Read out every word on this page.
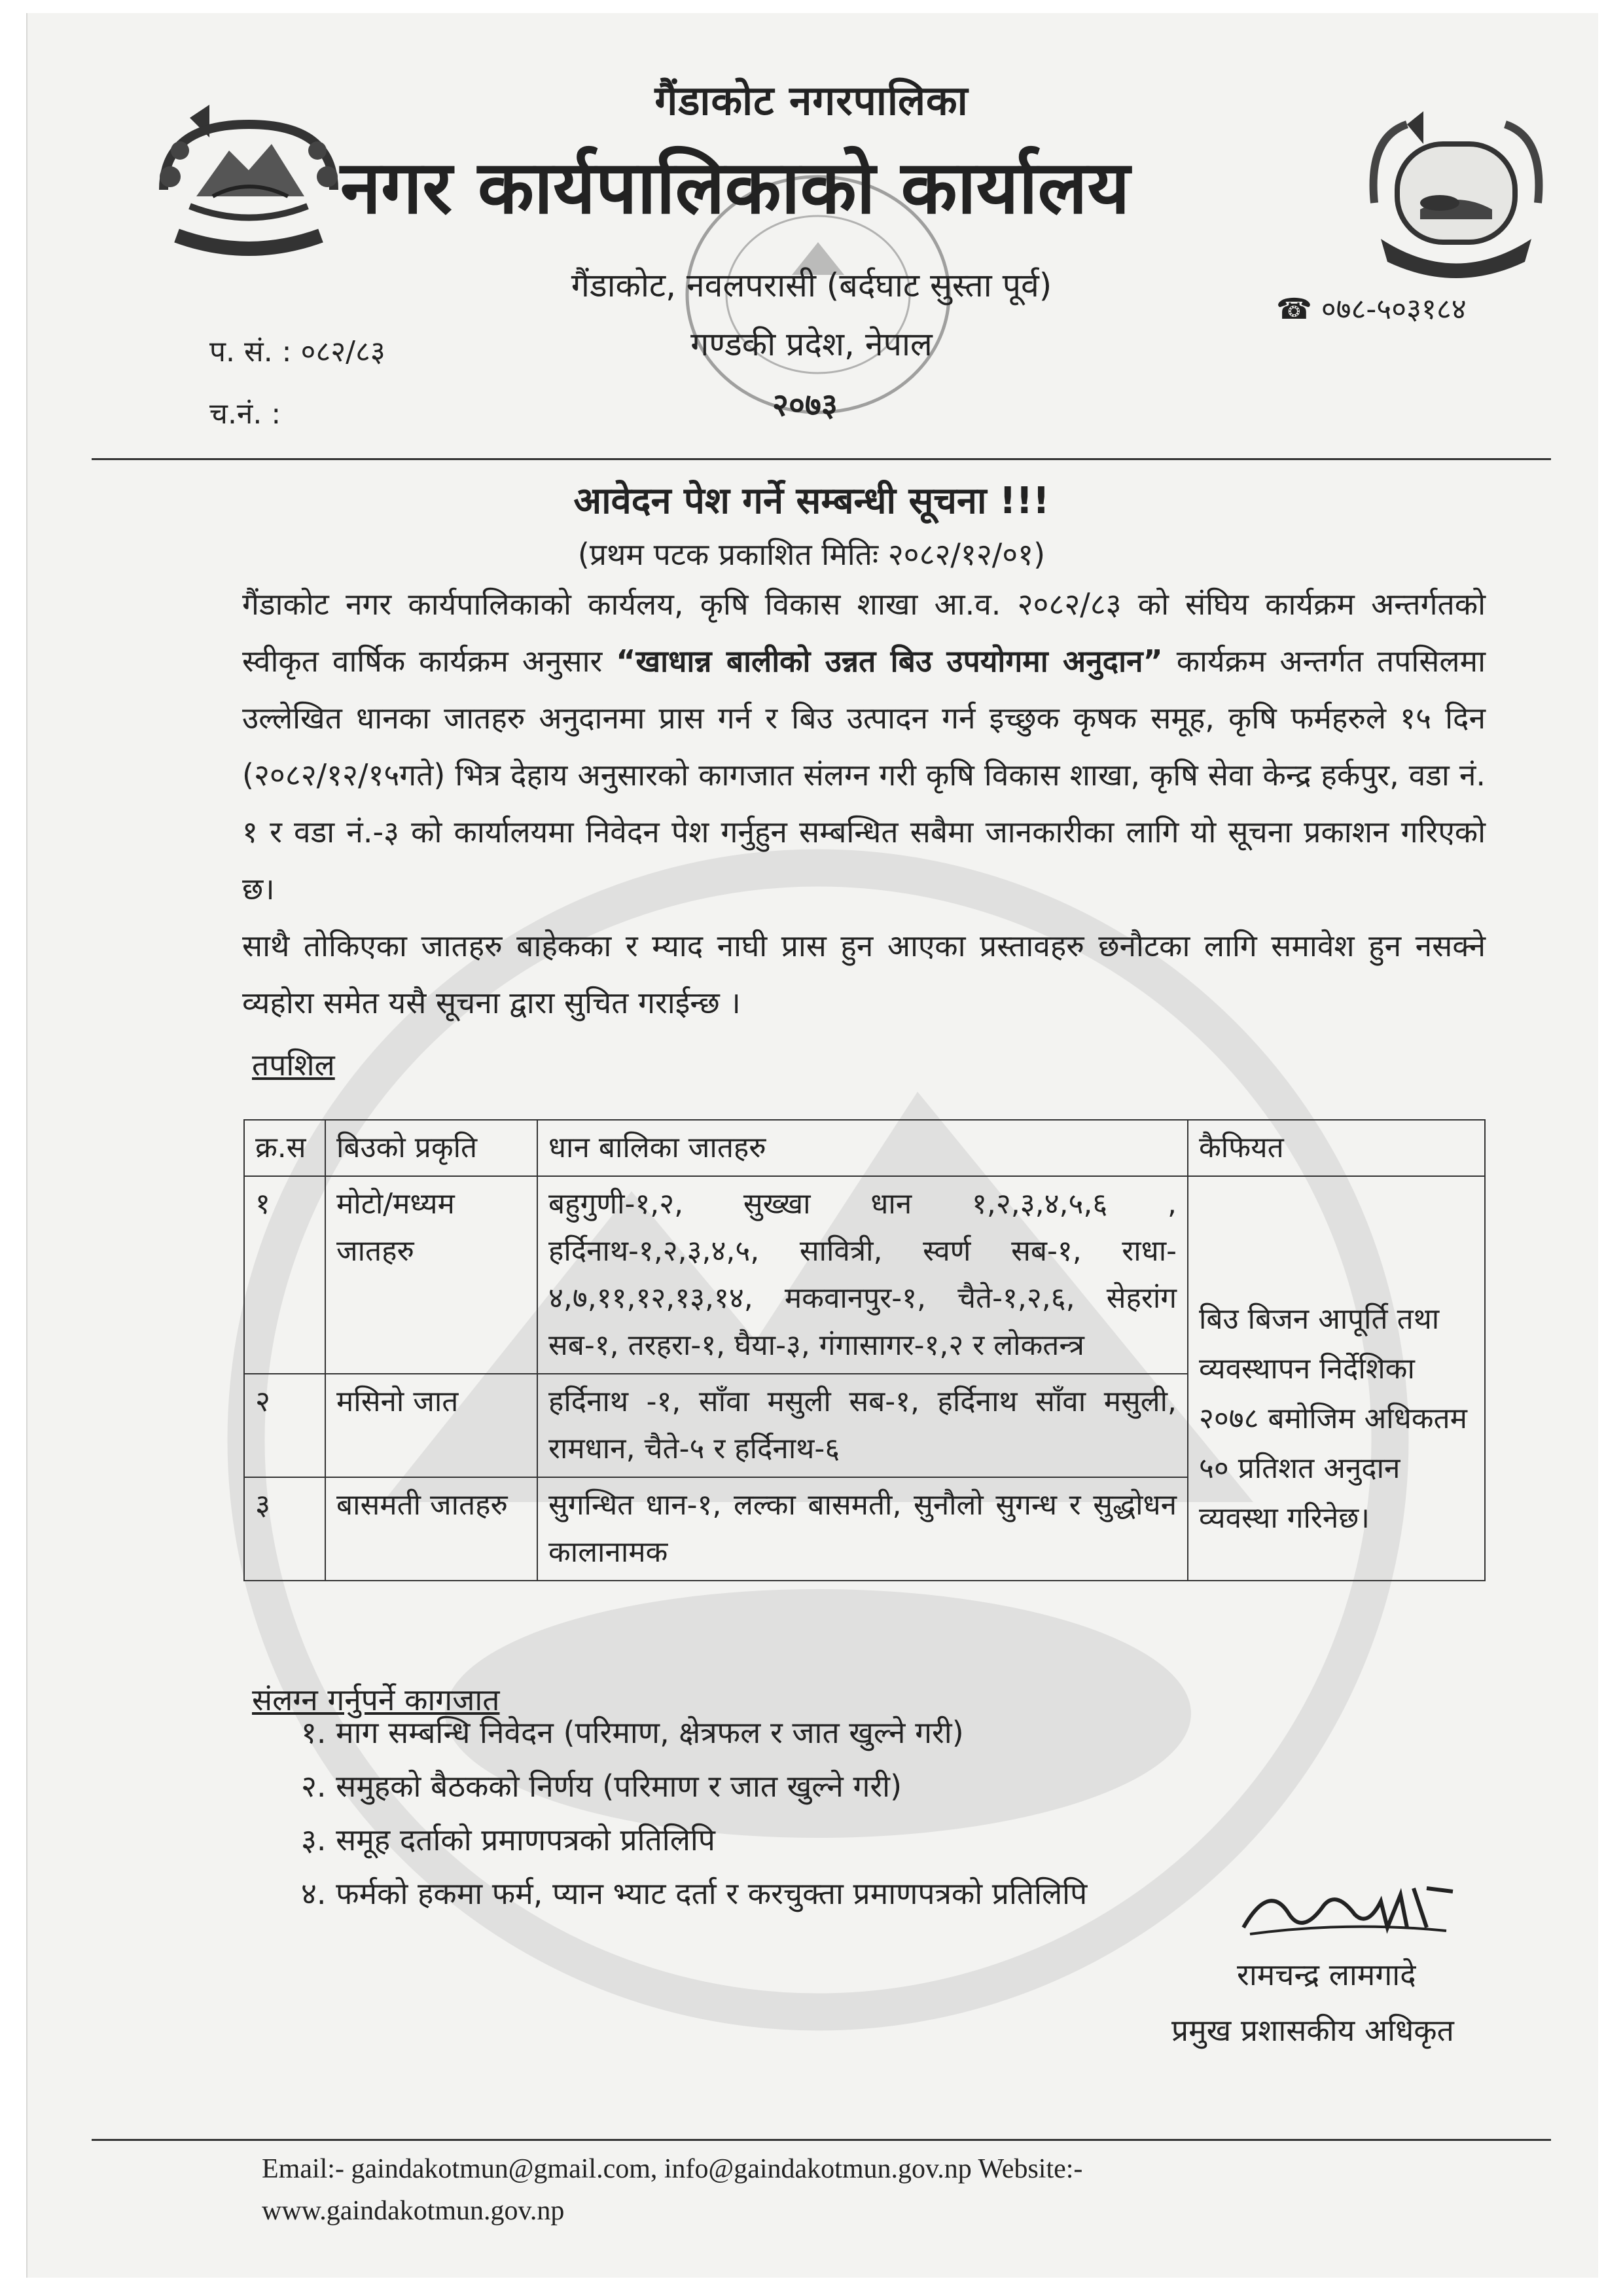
गैंडाकोट नगरपालिका
नगर कार्यपालिकाको कार्यालय
गैंडाकोट, नवलपरासी (बर्दघाट सुस्ता पूर्व)
गण्डकी प्रदेश, नेपाल
२०७३
☎ ०७८-५०३१८४
प. सं. : ०८२/८३
च.नं. :
आवेदन पेश गर्ने सम्बन्धी सूचना !!!
(प्रथम पटक प्रकाशित मितिः २०८२/१२/०१)
गैंडाकोट नगर कार्यपालिकाको कार्यलय, कृषि विकास शाखा आ.व. २०८२/८३ को संघिय कार्यक्रम अन्तर्गतको स्वीकृत वार्षिक कार्यक्रम अनुसार “खाधान्न बालीको उन्नत बिउ उपयोगमा अनुदान” कार्यक्रम अन्तर्गत तपसिलमा उल्लेखित धानका जातहरु अनुदानमा प्रास गर्न र बिउ उत्पादन गर्न इच्छुक कृषक समूह, कृषि फर्महरुले १५ दिन (२०८२/१२/१५गते) भित्र देहाय अनुसारको कागजात संलग्न गरी कृषि विकास शाखा, कृषि सेवा केन्द्र हर्कपुर, वडा नं. १ र वडा नं.-३ को कार्यालयमा निवेदन पेश गर्नुहुन सम्बन्धित सबैमा जानकारीका लागि यो सूचना प्रकाशन गरिएको छ।
साथै तोकिएका जातहरु बाहेकका र म्याद नाघी प्रास हुन आएका प्रस्तावहरु छनौटका लागि समावेश हुन नसक्ने व्यहोरा समेत यसै सूचना द्वारा सुचित गराईन्छ ।
तपशिल
क्र.स	बिउको प्रकृति	धान बालिका जातहरु	कैफियत
१	मोटो/मध्यम जातहरु	बहुगुणी-१,२, सुख्खा धान १,२,३,४,५,६ , हर्दिनाथ-१,२,३,४,५, सावित्री, स्वर्ण सब-१, राधा- ४,७,११,१२,१३,१४, मकवानपुर-१, चैते-१,२,६, सेहरांग सब-१, तरहरा-१, घैया-३, गंगासागर-१,२ र लोकतन्त्र	बिउ बिजन आपूर्ति तथा व्यवस्थापन निर्देशिका २०७८ बमोजिम अधिकतम ५० प्रतिशत अनुदान व्यवस्था गरिनेछ।
२	मसिनो जात	हर्दिनाथ -१, साँवा मसुली सब-१, हर्दिनाथ साँवा मसुली, रामधान, चैते-५ र हर्दिनाथ-६	
३	बासमती जातहरु	सुगन्धित धान-१, लल्का बासमती, सुनौलो सुगन्ध र सुद्धोधन कालानामक	
संलग्न गर्नुपर्ने कागजात
१. माग सम्बन्धि निवेदन (परिमाण, क्षेत्रफल र जात खुल्ने गरी)
२. समुहको बैठकको निर्णय (परिमाण र जात खुल्ने गरी)
३. समूह दर्ताको प्रमाणपत्रको प्रतिलिपि
४. फर्मको हकमा फर्म, प्यान भ्याट दर्ता र करचुक्ता प्रमाणपत्रको प्रतिलिपि
रामचन्द्र लामगादे
प्रमुख प्रशासकीय अधिकृत
Email:- gaindakotmun@gmail.com, info@gaindakotmun.gov.np Website:-
www.gaindakotmun.gov.np
